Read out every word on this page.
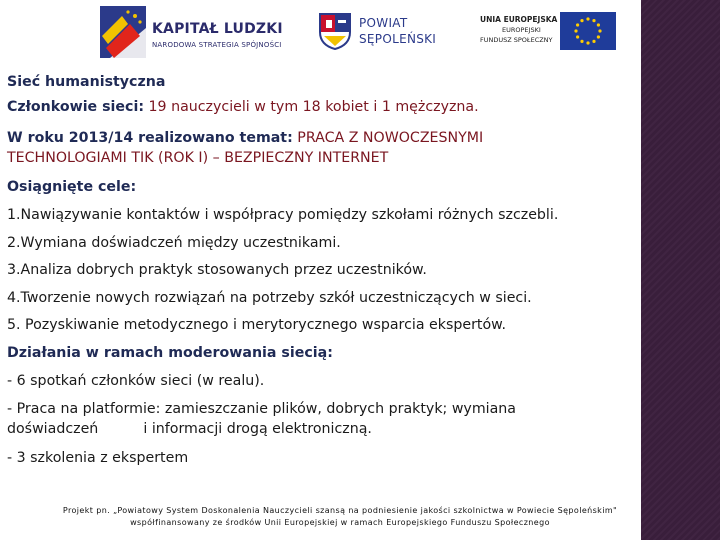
KAPITAŁ LUDZKI
NARODOWA STRATEGIA SPÓJNOŚCI
POWIAT
SĘPOLEŃSKI
UNIA EUROPEJSKA
EUROPEJSKI
FUNDUSZ SPOŁECZNY
Sieć humanistyczna
Członkowie sieci: 19 nauczycieli w tym 18 kobiet i 1 mężczyzna.
W roku 2013/14 realizowano temat: PRACA Z NOWOCZESNYMI
TECHNOLOGIAMI TIK (ROK I) – BEZPIECZNY INTERNET
Osiągnięte cele:
1.Nawiązywanie kontaktów i współpracy pomiędzy szkołami różnych szczebli.
2.Wymiana doświadczeń między uczestnikami.
3.Analiza dobrych praktyk stosowanych przez uczestników.
4.Tworzenie nowych rozwiązań na potrzeby szkół uczestniczących w sieci.
5. Pozyskiwanie metodycznego i merytorycznego wsparcia ekspertów.
Działania w ramach moderowania siecią:
- 6 spotkań członków sieci (w realu).
- Praca na platformie: zamieszczanie plików, dobrych praktyk; wymiana
doświadczeń          i informacji drogą elektroniczną.
- 3 szkolenia z ekspertem
Projekt pn. „Powiatowy System Doskonalenia Nauczycieli szansą na podniesienie jakości szkolnictwa w Powiecie Sępoleńskim"
współfinansowany ze środków Unii Europejskiej w ramach Europejskiego Funduszu Społecznego
